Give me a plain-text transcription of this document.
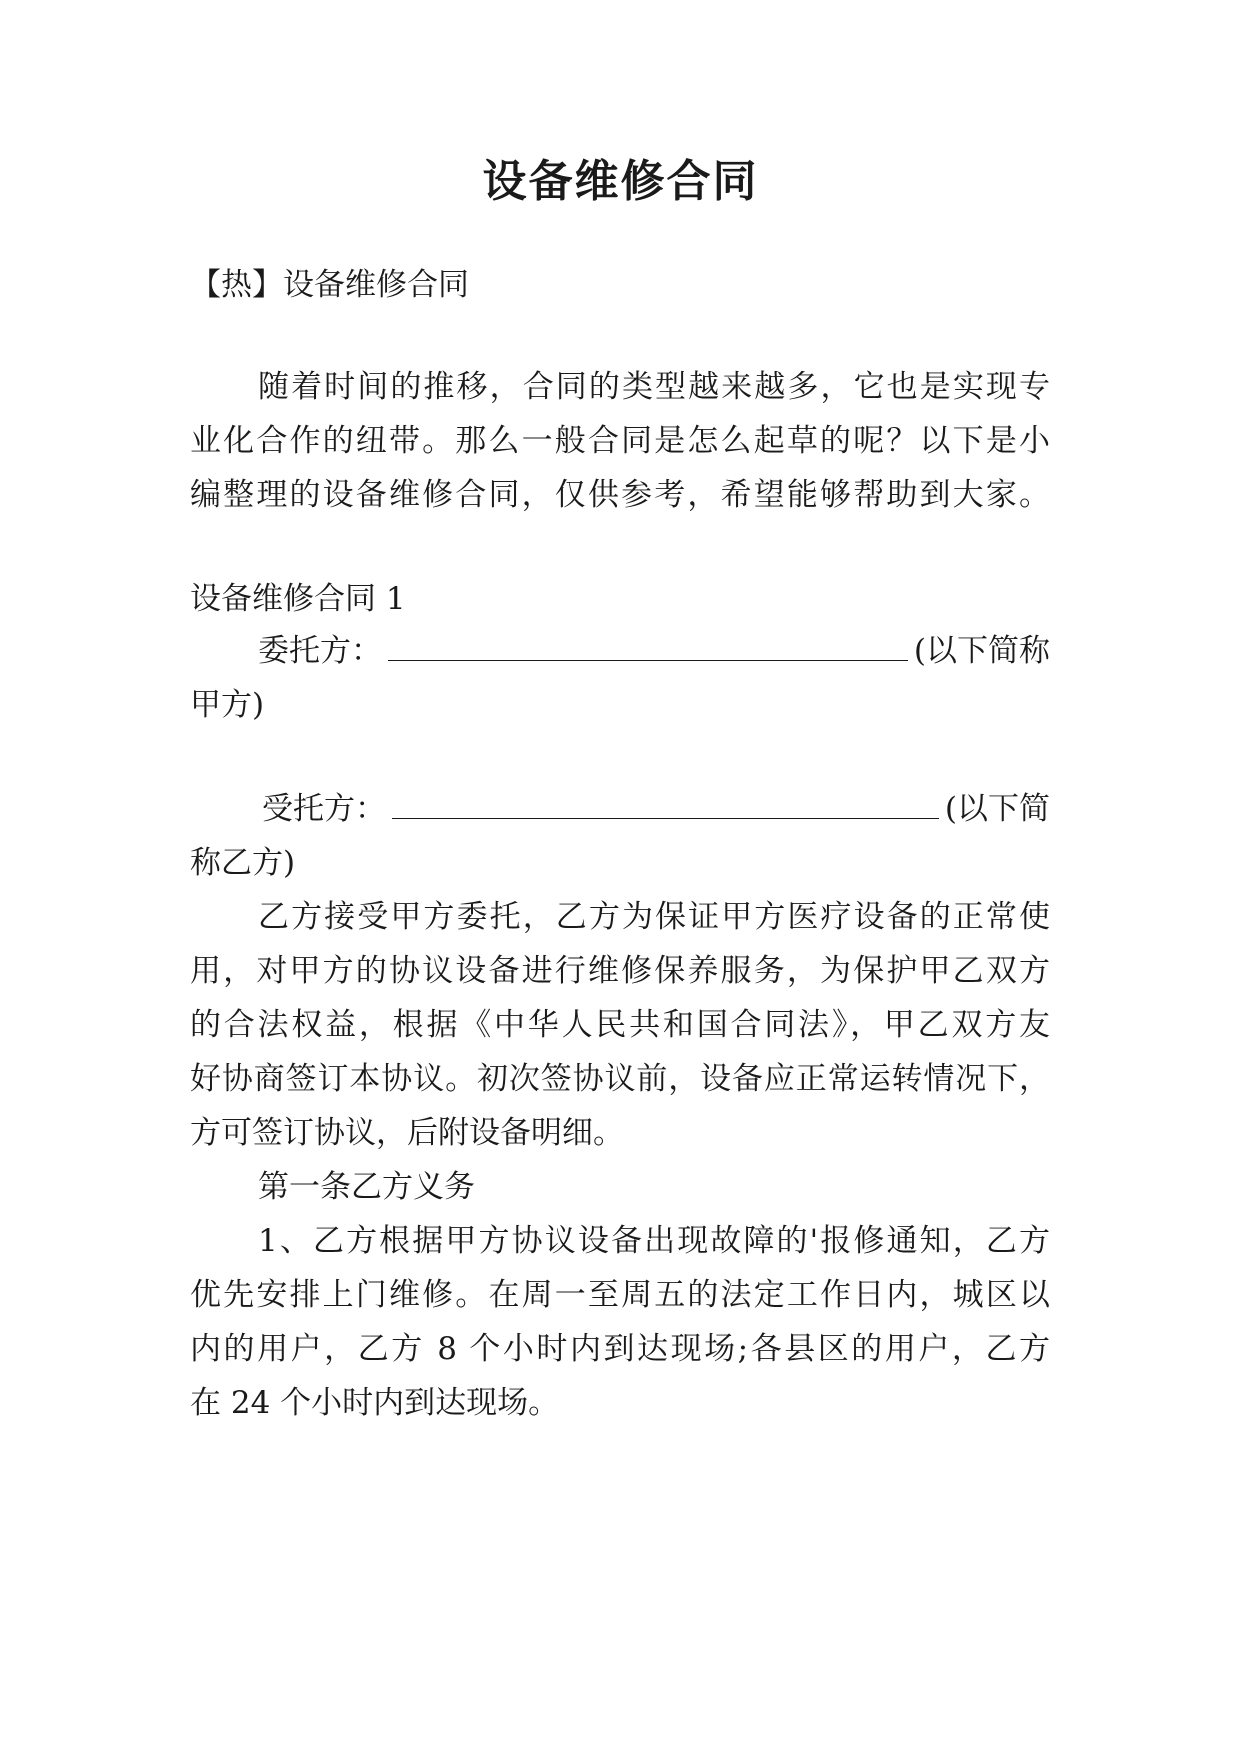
设备维修合同
【热】设备维修合同
随着时间的推移，合同的类型越来越多，它也是实现专
业化合作的纽带。那么一般合同是怎么起草的呢？以下是小
编整理的设备维修合同，仅供参考，希望能够帮助到大家。
设备维修合同 1
委托方：	(以下简称
甲方)
受托方：	(以下简
称乙方)
乙方接受甲方委托，乙方为保证甲方医疗设备的正常使
用，对甲方的协议设备进行维修保养服务，为保护甲乙双方
的合法权益，根据《中华人民共和国合同法》，甲乙双方友
好协商签订本协议。初次签协议前，设备应正常运转情况下，
方可签订协议，后附设备明细。
第一条乙方义务
1、乙方根据甲方协议设备出现故障的'报修通知，乙方
优先安排上门维修。在周一至周五的法定工作日内，城区以
内的用户，乙方 8 个小时内到达现场;各县区的用户，乙方
在 24 个小时内到达现场。
